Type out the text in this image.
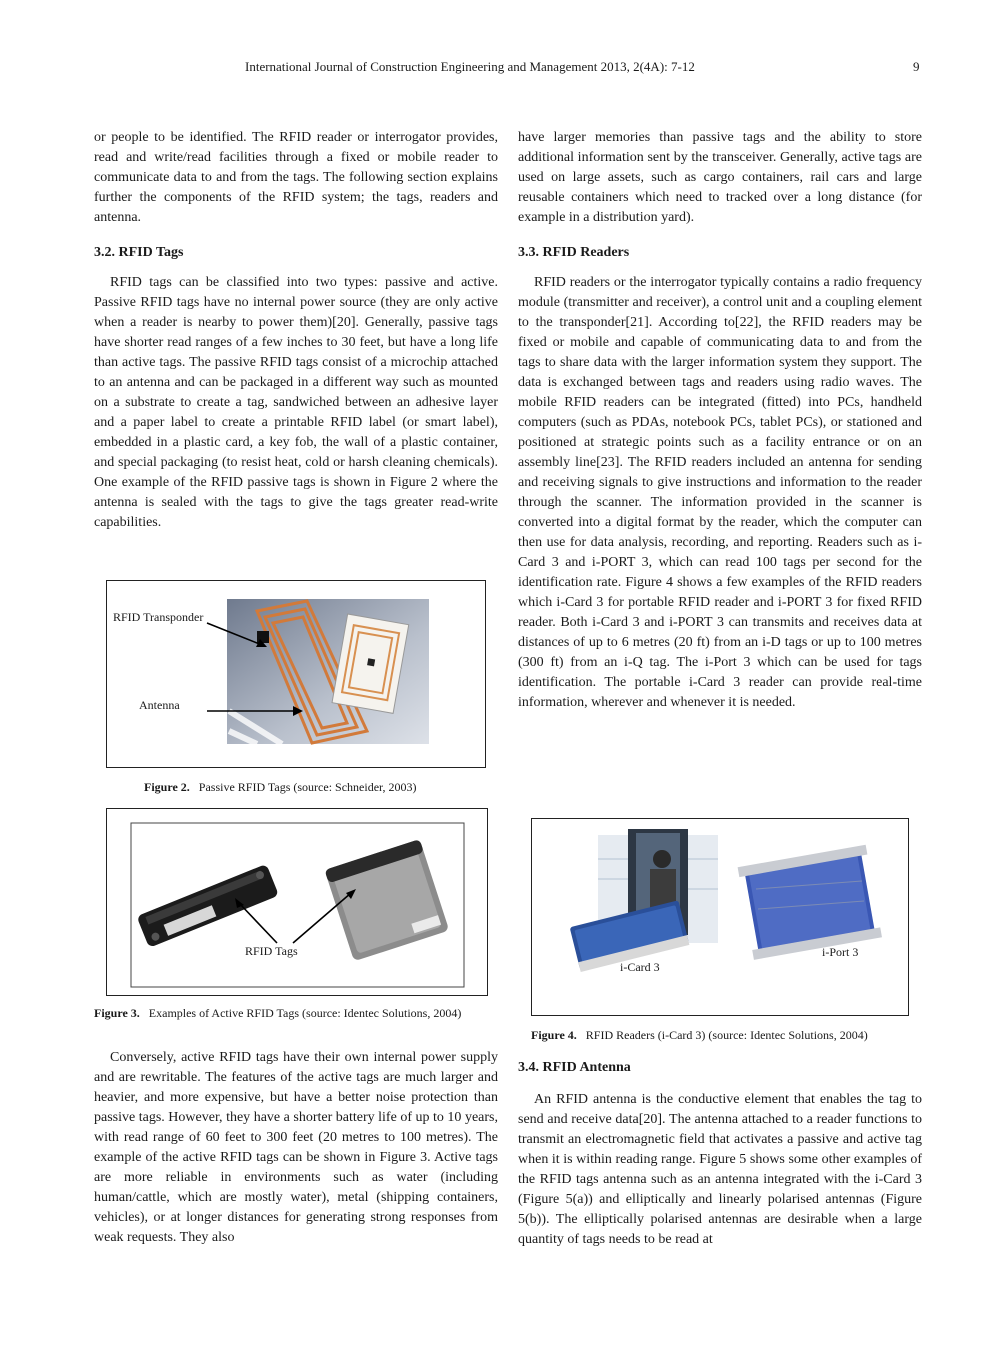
International Journal of Construction Engineering and Management 2013, 2(4A): 7-12	9

or people to be identified. The RFID reader or interrogator provides, read and write/read facilities through a fixed or mobile reader to communicate data to and from the tags. The following section explains further the components of the RFID system; the tags, readers and antenna.

3.2. RFID Tags

RFID tags can be classified into two types: passive and active. Passive RFID tags have no internal power source (they are only active when a reader is nearby to power them)[20]. Generally, passive tags have shorter read ranges of a few inches to 30 feet, but have a long life than active tags. The passive RFID tags consist of a microchip attached to an antenna and can be packaged in a different way such as mounted on a substrate to create a tag, sandwiched between an adhesive layer and a paper label to create a printable RFID label (or smart label), embedded in a plastic card, a key fob, the wall of a plastic container, and special packaging (to resist heat, cold or harsh cleaning chemicals). One example of the RFID passive tags is shown in Figure 2 where the antenna is sealed with the tags to give the tags greater read-write capabilities.

RFID Transponder
Antenna
Figure 2. Passive RFID Tags (source: Schneider, 2003)
RFID Tags
Figure 3. Examples of Active RFID Tags (source: Identec Solutions, 2004)

Conversely, active RFID tags have their own internal power supply and are rewritable. The features of the active tags are much larger and heavier, and more expensive, but have a better noise protection than passive tags. However, they have a shorter battery life of up to 10 years, with read range of 60 feet to 300 feet (20 metres to 100 metres). The example of the active RFID tags can be shown in Figure 3. Active tags are more reliable in environments such as water (including human/cattle, which are mostly water), metal (shipping containers, vehicles), or at longer distances for generating strong responses from weak requests. They also

have larger memories than passive tags and the ability to store additional information sent by the transceiver. Generally, active tags are used on large assets, such as cargo containers, rail cars and large reusable containers which need to tracked over a long distance (for example in a distribution yard).

3.3. RFID Readers

RFID readers or the interrogator typically contains a radio frequency module (transmitter and receiver), a control unit and a coupling element to the transponder[21]. According to[22], the RFID readers may be fixed or mobile and capable of communicating data to and from the tags to share data with the larger information system they support. The data is exchanged between tags and readers using radio waves. The mobile RFID readers can be integrated (fitted) into PCs, handheld computers (such as PDAs, notebook PCs, tablet PCs), or stationed and positioned at strategic points such as a facility entrance or on an assembly line[23]. The RFID readers included an antenna for sending and receiving signals to give instructions and information to the reader through the scanner. The information provided in the scanner is converted into a digital format by the reader, which the computer can then use for data analysis, recording, and reporting. Readers such as i-Card 3 and i-PORT 3, which can read 100 tags per second for the identification rate. Figure 4 shows a few examples of the RFID readers which i-Card 3 for portable RFID reader and i-PORT 3 for fixed RFID reader. Both i-Card 3 and i-PORT 3 can transmits and receives data at distances of up to 6 metres (20 ft) from an i-D tags or up to 100 metres (300 ft) from an i-Q tag. The i-Port 3 which can be used for tags identification. The portable i-Card 3 reader can provide real-time information, wherever and whenever it is needed.

i-Card 3
i-Port 3
Figure 4. RFID Readers (i-Card 3) (source: Identec Solutions, 2004)
3.4. RFID Antenna

An RFID antenna is the conductive element that enables the tag to send and receive data[20]. The antenna attached to a reader functions to transmit an electromagnetic field that activates a passive and active tag when it is within reading range. Figure 5 shows some other examples of the RFID tags antenna such as an antenna integrated with the i-Card 3 (Figure 5(a)) and elliptically and linearly polarised antennas (Figure 5(b)). The elliptically polarised antennas are desirable when a large quantity of tags needs to be read at
